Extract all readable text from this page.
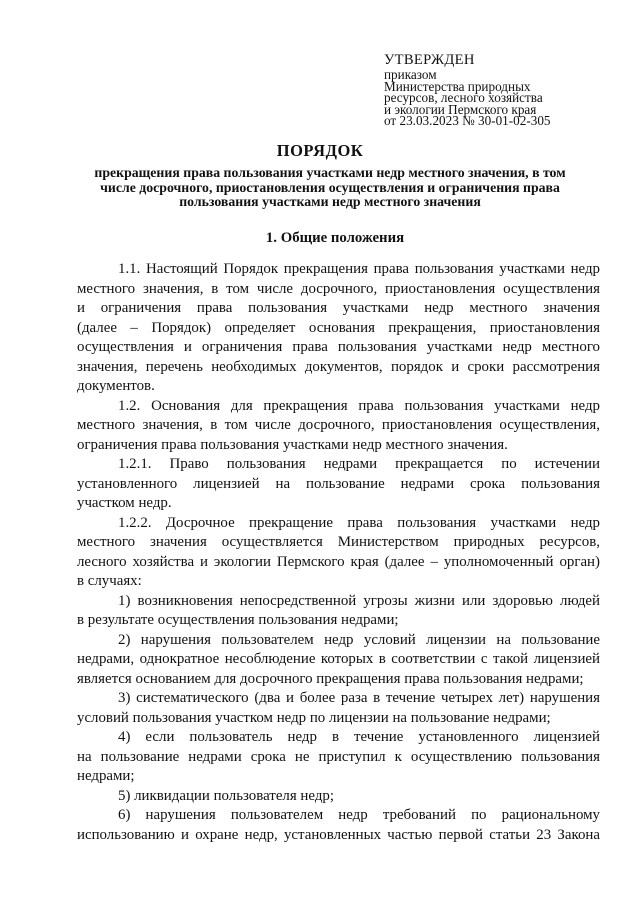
УТВЕРЖДЕН
приказом
Министерства природных
ресурсов, лесного хозяйства
и экологии Пермского края
от 23.03.2023 № 30-01-02-305
ПОРЯДОК
прекращения права пользования участками недр местного значения, в том
числе досрочного, приостановления осуществления и ограничения права
пользования участками недр местного значения
1. Общие положения
1.1. Настоящий Порядок прекращения права пользования участками недр
местного значения, в том числе досрочного, приостановления осуществления
и ограничения права пользования участками недр местного значения
(далее – Порядок) определяет основания прекращения, приостановления
осуществления и ограничения права пользования участками недр местного
значения, перечень необходимых документов, порядок и сроки рассмотрения
документов.
1.2. Основания для прекращения права пользования участками недр
местного значения, в том числе досрочного, приостановления осуществления,
ограничения права пользования участками недр местного значения.
1.2.1. Право пользования недрами прекращается по истечении
установленного лицензией на пользование недрами срока пользования
участком недр.
1.2.2. Досрочное прекращение права пользования участками недр
местного значения осуществляется Министерством природных ресурсов,
лесного хозяйства и экологии Пермского края (далее – уполномоченный орган)
в случаях:
1) возникновения непосредственной угрозы жизни или здоровью людей
в результате осуществления пользования недрами;
2) нарушения пользователем недр условий лицензии на пользование
недрами, однократное несоблюдение которых в соответствии с такой лицензией
является основанием для досрочного прекращения права пользования недрами;
3) систематического (два и более раза в течение четырех лет) нарушения
условий пользования участком недр по лицензии на пользование недрами;
4) если пользователь недр в течение установленного лицензией
на пользование недрами срока не приступил к осуществлению пользования
недрами;
5) ликвидации пользователя недр;
6) нарушения пользователем недр требований по рациональному
использованию и охране недр, установленных частью первой статьи 23 Закона
